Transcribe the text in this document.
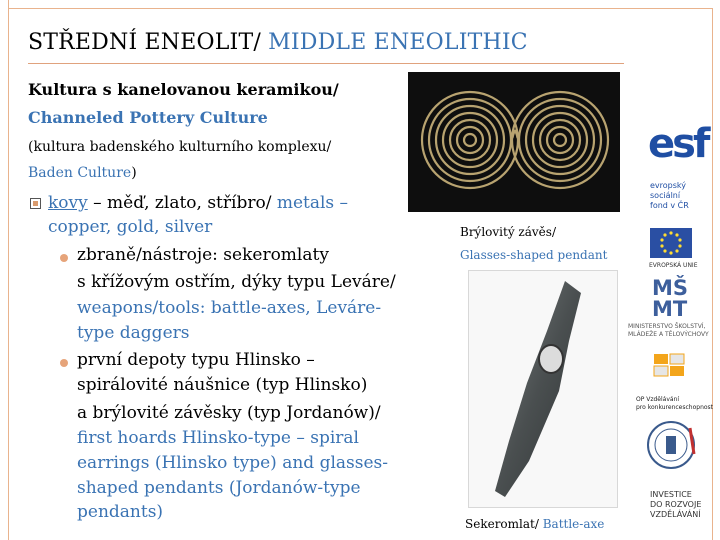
STŘEDNÍ ENEOLIT/ MIDDLE ENEOLITHIC
Kultura s kanelovanou keramikou/
Channeled Pottery Culture
(kultura badenského kulturního komplexu/
Baden Culture)
kovy – měď, zlato, stříbro/ metals –
copper, gold, silver
zbraně/nástroje: sekeromlaty
s křížovým ostřím, dýky typu Leváre/
weapons/tools: battle-axes, Leváre-
type daggers
první depoty typu Hlinsko –
spirálovité náušnice (typ Hlinsko)
a brýlovité závěsky (typ Jordanów)/
first hoards Hlinsko-type – spiral
earrings (Hlinsko type) and glasses-
shaped pendants (Jordanów-type
pendants)
Brýlovitý závěs/
Glasses-shaped pendant
Sekeromlat/ Battle-axe
esf
evropský
sociální
fond v ČR
EVROPSKÁ UNIE
MŠ
MT
MINISTERSTVO ŠKOLSTVÍ,
MLÁDEŽE A TĚLOVÝCHOVY
OP Vzdělávání
pro konkurenceschopnost
INVESTICE
DO ROZVOJE
VZDĚLÁVÁNÍ
